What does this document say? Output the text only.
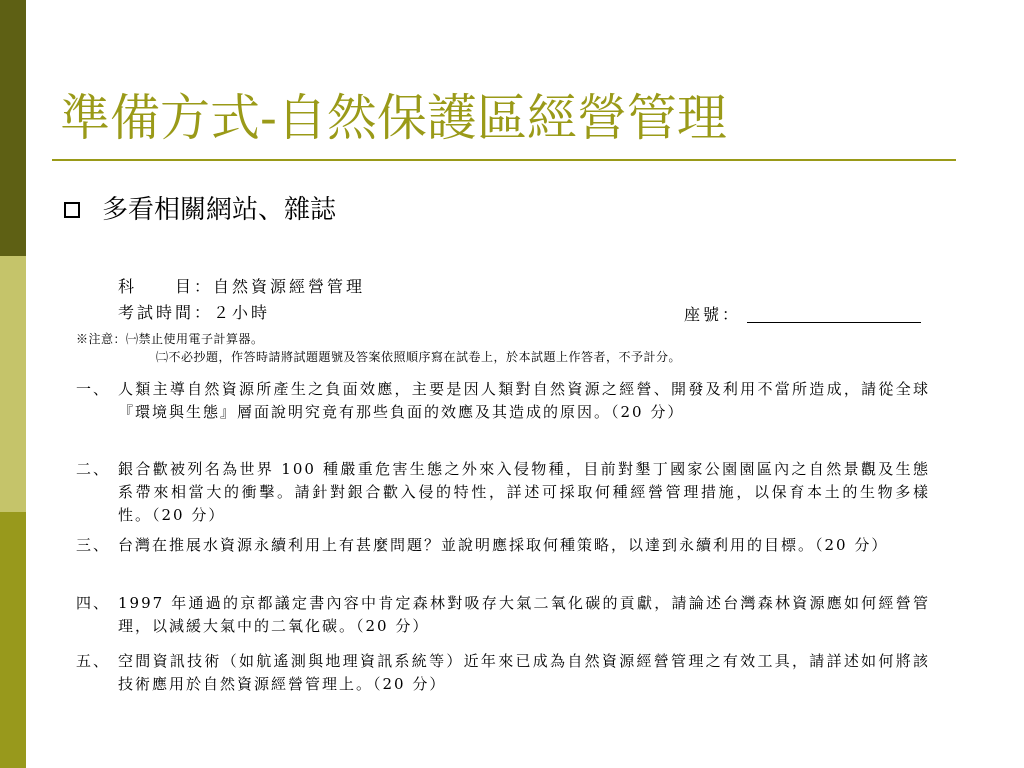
準備方式-自然保護區經營管理
多看相關網站、雜誌
科　　目：自然資源經營管理
考試時間：２小時	座號：
※注意：㈠禁止使用電子計算器。
㈡不必抄題，作答時請將試題題號及答案依照順序寫在試卷上，於本試題上作答者，不予計分。
一、 人類主導自然資源所產生之負面效應，主要是因人類對自然資源之經營、開發及利用不當所造成，請從全球『環境與生態』層面說明究竟有那些負面的效應及其造成的原因。（20 分）
二、 銀合歡被列名為世界 100 種嚴重危害生態之外來入侵物種，目前對墾丁國家公園園區內之自然景觀及生態系帶來相當大的衝擊。請針對銀合歡入侵的特性，詳述可採取何種經營管理措施，以保育本土的生物多樣性。（20 分）
三、 台灣在推展水資源永續利用上有甚麼問題？並說明應採取何種策略，以達到永續利用的目標。（20 分）
四、 1997 年通過的京都議定書內容中肯定森林對吸存大氣二氧化碳的貢獻，請論述台灣森林資源應如何經營管理，以減緩大氣中的二氧化碳。（20 分）
五、 空間資訊技術（如航遙測與地理資訊系統等）近年來已成為自然資源經營管理之有效工具，請詳述如何將該技術應用於自然資源經營管理上。（20 分）
